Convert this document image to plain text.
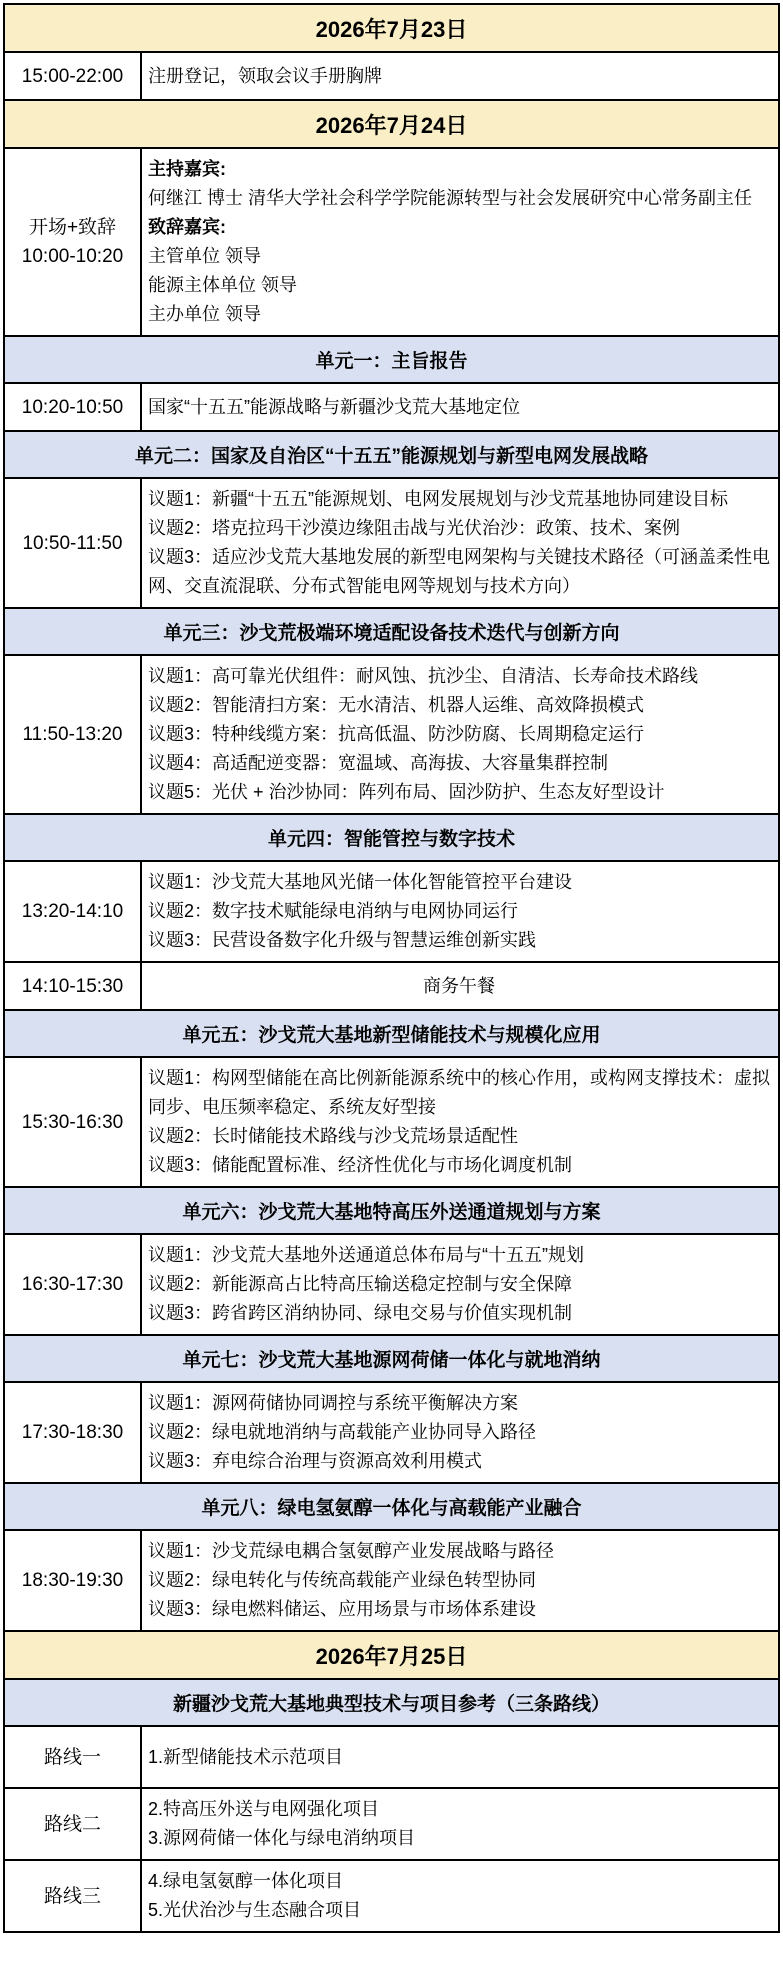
2026年7月23日
15:00-22:00 注册登记，领取会议手册胸牌
2026年7月24日
开场+致辞
10:00-10:20
主持嘉宾:
何继江 博士 清华大学社会科学学院能源转型与社会发展研究中心常务副主任
致辞嘉宾:
主管单位 领导
能源主体单位 领导
主办单位 领导
单元一：主旨报告
10:20-10:50 国家“十五五”能源战略与新疆沙戈荒大基地定位
单元二：国家及自治区“十五五”能源规划与新型电网发展战略
10:50-11:50
议题1：新疆“十五五”能源规划、电网发展规划与沙戈荒基地协同建设目标
议题2：塔克拉玛干沙漠边缘阻击战与光伏治沙：政策、技术、案例
议题3：适应沙戈荒大基地发展的新型电网架构与关键技术路径（可涵盖柔性电网、交直流混联、分布式智能电网等规划与技术方向）
单元三：沙戈荒极端环境适配设备技术迭代与创新方向
11:50-13:20
议题1：高可靠光伏组件：耐风蚀、抗沙尘、自清洁、长寿命技术路线
议题2：智能清扫方案：无水清洁、机器人运维、高效降损模式
议题3：特种线缆方案：抗高低温、防沙防腐、长周期稳定运行
议题4：高适配逆变器：宽温域、高海拔、大容量集群控制
议题5：光伏 + 治沙协同：阵列布局、固沙防护、生态友好型设计
单元四：智能管控与数字技术
13:20-14:10
议题1：沙戈荒大基地风光储一体化智能管控平台建设
议题2：数字技术赋能绿电消纳与电网协同运行
议题3：民营设备数字化升级与智慧运维创新实践
14:10-15:30	商务午餐
单元五：沙戈荒大基地新型储能技术与规模化应用
15:30-16:30
议题1：构网型储能在高比例新能源系统中的核心作用，或构网支撑技术：虚拟同步、电压频率稳定、系统友好型接
议题2：长时储能技术路线与沙戈荒场景适配性
议题3：储能配置标准、经济性优化与市场化调度机制
单元六：沙戈荒大基地特高压外送通道规划与方案
16:30-17:30
议题1：沙戈荒大基地外送通道总体布局与“十五五”规划
议题2：新能源高占比特高压输送稳定控制与安全保障
议题3：跨省跨区消纳协同、绿电交易与价值实现机制
单元七：沙戈荒大基地源网荷储一体化与就地消纳
17:30-18:30
议题1：源网荷储协同调控与系统平衡解决方案
议题2：绿电就地消纳与高载能产业协同导入路径
议题3：弃电综合治理与资源高效利用模式
单元八：绿电氢氨醇一体化与高载能产业融合
18:30-19:30
议题1：沙戈荒绿电耦合氢氨醇产业发展战略与路径
议题2：绿电转化与传统高载能产业绿色转型协同
议题3：绿电燃料储运、应用场景与市场体系建设
2026年7月25日
新疆沙戈荒大基地典型技术与项目参考（三条路线）
路线一	1.新型储能技术示范项目
路线二
2.特高压外送与电网强化项目
3.源网荷储一体化与绿电消纳项目
路线三
4.绿电氢氨醇一体化项目
5.光伏治沙与生态融合项目
